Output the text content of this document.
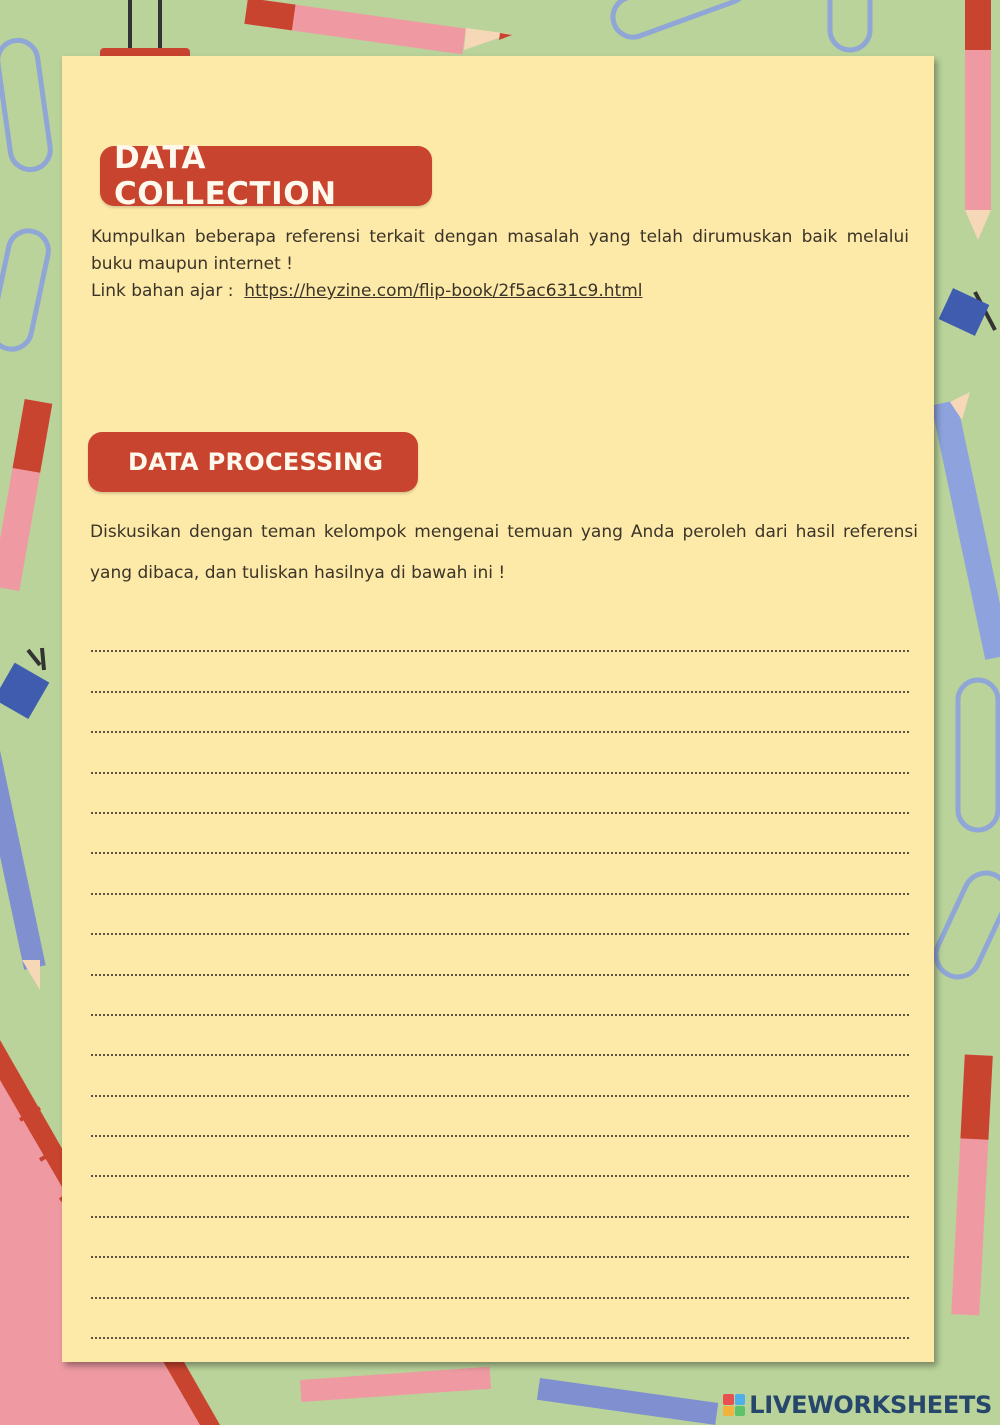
DATA COLLECTION
Kumpulkan beberapa referensi terkait dengan masalah yang telah dirumuskan baik melalui buku maupun internet !
Link bahan ajar : https://heyzine.com/flip-book/2f5ac631c9.html
DATA PROCESSING
Diskusikan dengan teman kelompok mengenai temuan yang Anda peroleh dari hasil referensi yang dibaca, dan tuliskan hasilnya di bawah ini !
LIVEWORKSHEETS
